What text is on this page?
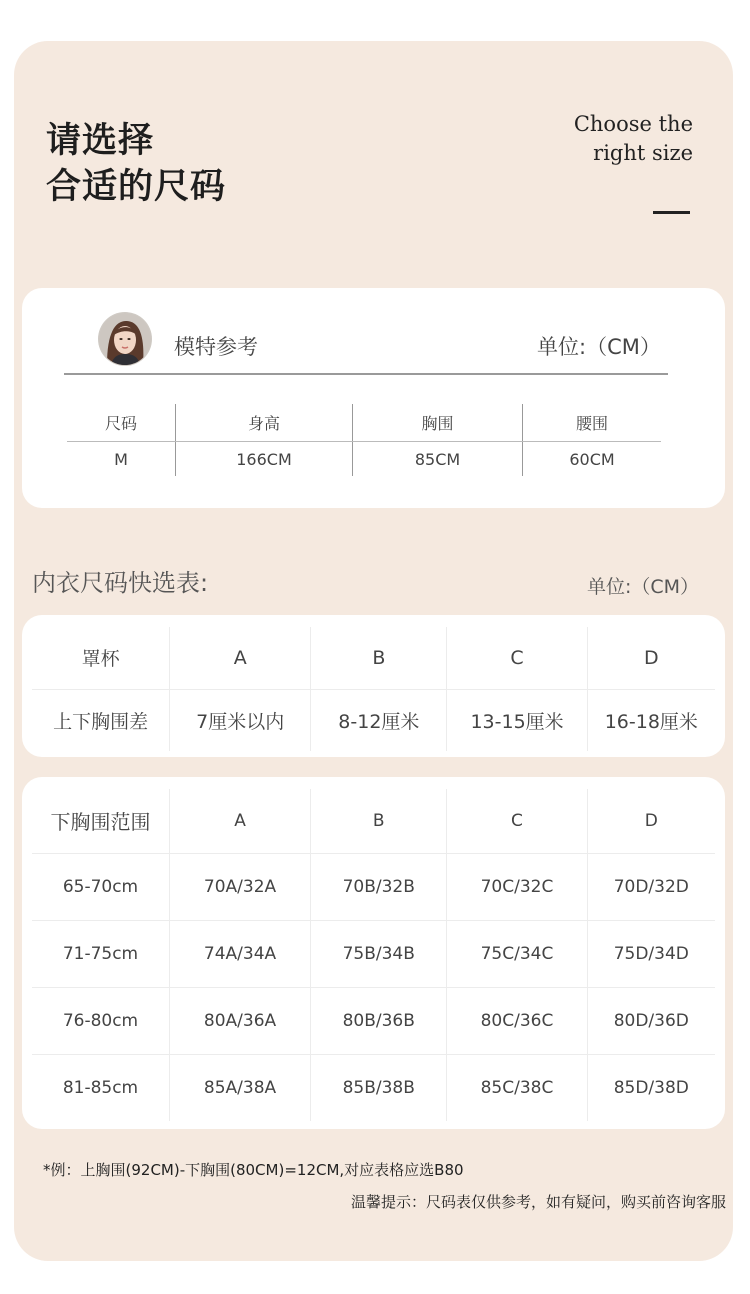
请选择
合适的尺码
Choose the
right size
模特参考	单位:（CM）
尺码	身高	胸围	腰围
M	166CM	85CM	60CM
内衣尺码快选表:	单位:（CM）
罩杯	A	B	C	D
上下胸围差	7厘米以内	8-12厘米	13-15厘米	16-18厘米
下胸围范围	A	B	C	D
65-70cm	70A/32A	70B/32B	70C/32C	70D/32D
71-75cm	74A/34A	75B/34B	75C/34C	75D/34D
76-80cm	80A/36A	80B/36B	80C/36C	80D/36D
81-85cm	85A/38A	85B/38B	85C/38C	85D/38D
*例：上胸围(92CM)-下胸围(80CM)=12CM,对应表格应选B80
温馨提示：尺码表仅供参考，如有疑问，购买前咨询客服
